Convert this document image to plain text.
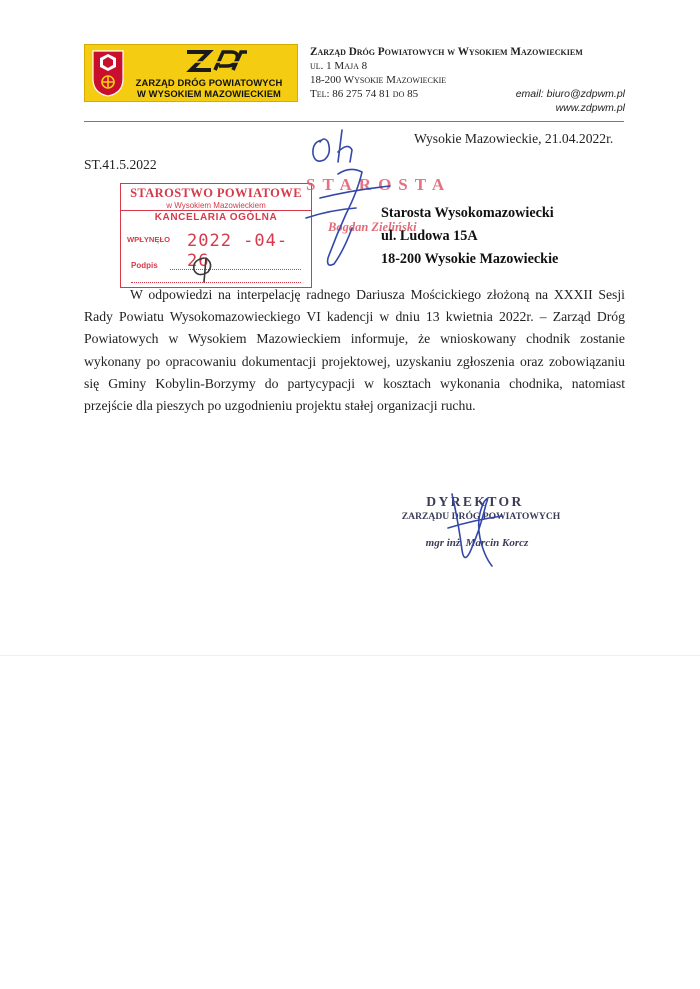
ZARZĄD DRÓG POWIATOWYCH
W WYSOKIEM MAZOWIECKIEM
Zarząd Dróg Powiatowych w Wysokiem Mazowieckiem
ul. 1 Maja 8
18-200 Wysokie Mazowieckie
Tel: 86 275 74 81 do 85	email: biuro@zdpwm.pl
www.zdpwm.pl
Wysokie Mazowieckie, 21.04.2022r.
ST.41.5.2022
STAROSTWO POWIATOWE
w Wysokiem Mazowieckiem
KANCELARIA OGÓLNA
WPŁYNĘŁO 2022 -04- 26
Podpis
STAROSTA
Bogdan Zieliński
Starosta Wysokomazowiecki
ul. Ludowa 15A
18-200 Wysokie Mazowieckie
W odpowiedzi na interpelację radnego Dariusza Mościckiego złożoną na XXXII Sesji Rady Powiatu Wysokomazowieckiego VI kadencji w dniu 13 kwietnia 2022r. – Zarząd Dróg Powiatowych w Wysokiem Mazowieckiem informuje, że wnioskowany chodnik zostanie wykonany po opracowaniu dokumentacji projektowej, uzyskaniu zgłoszenia oraz zobowiązaniu się Gminy Kobylin-Borzymy do partycypacji w kosztach wykonania chodnika, natomiast przejście dla pieszych po uzgodnieniu projektu stałej organizacji ruchu.
DYREKTOR
ZARZĄDU DRÓG POWIATOWYCH
mgr inż. Marcin Korcz
